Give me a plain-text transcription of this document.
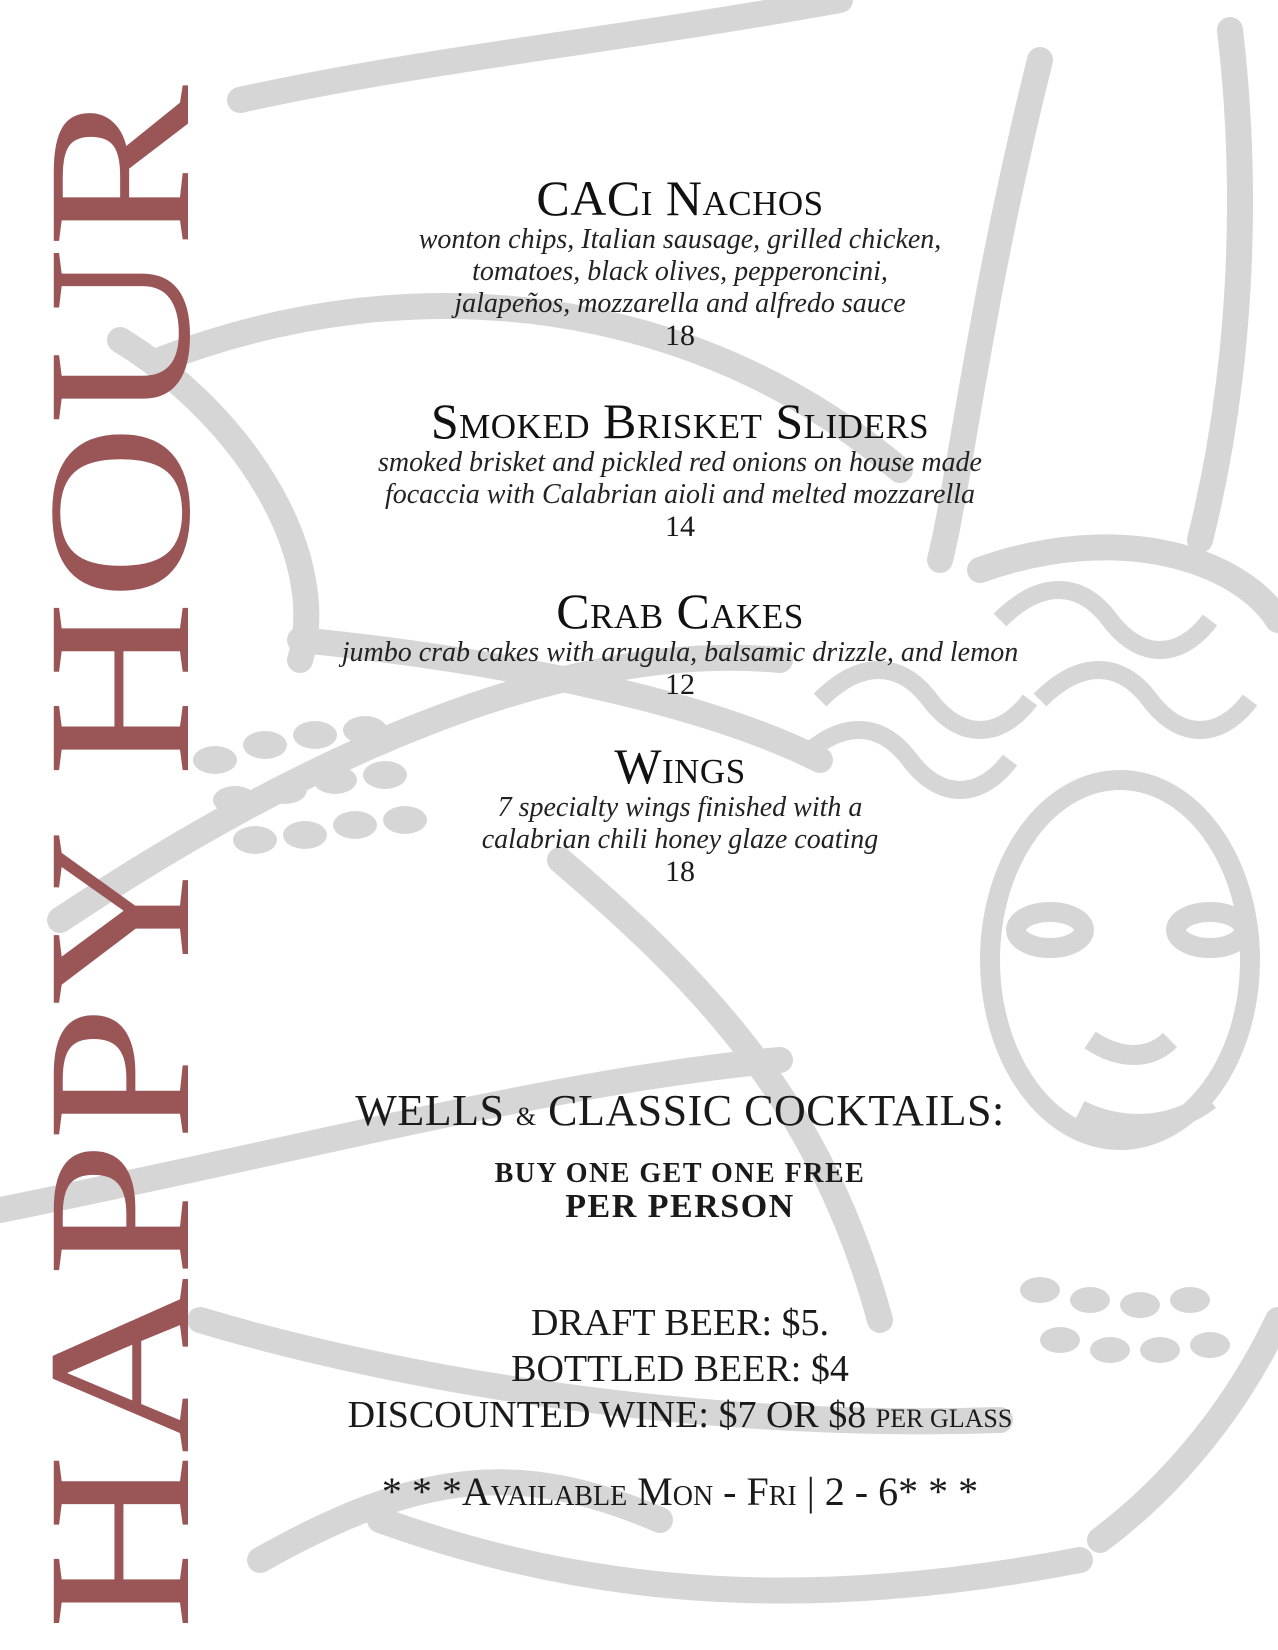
HAPPY HOUR
CACi Nachos
wonton chips, Italian sausage, grilled chicken,
tomatoes, black olives, pepperoncini,
jalapeños, mozzarella and alfredo sauce
18
Smoked Brisket Sliders
smoked brisket and pickled red onions on house made
focaccia with Calabrian aioli and melted mozzarella
14
Crab Cakes
jumbo crab cakes with arugula, balsamic drizzle, and lemon
12
Wings
7 specialty wings finished with a
calabrian chili honey glaze coating
18
WELLS & CLASSIC COCKTAILS:
BUY ONE GET ONE FREE
PER PERSON
DRAFT BEER: $5.
BOTTLED BEER: $4
DISCOUNTED WINE: $7 OR $8 PER GLASS
* * *Available Mon - Fri | 2 - 6* * *
